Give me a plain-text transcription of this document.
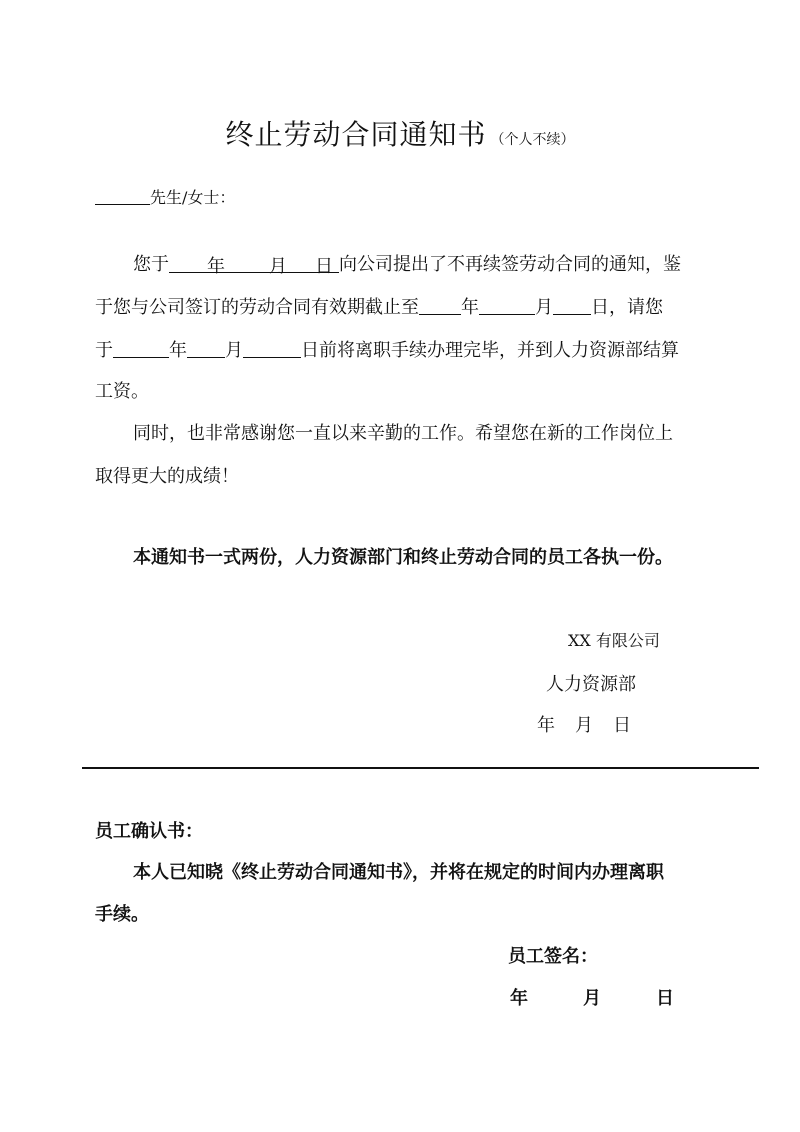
终止劳动合同通知书 （个人不续）
先生/女士：
您于 年 月 日 向公司提出了不再续签劳动合同的通知，鉴
于您与公司签订的劳动合同有效期截止至 年	月 日，请您
于	年 月	日前将离职手续办理完毕，并到人力资源部结算
工资。
同时，也非常感谢您一直以来辛勤的工作。希望您在新的工作岗位上
取得更大的成绩！
本通知书一式两份，人力资源部门和终止劳动合同的员工各执一份。
XX 有限公司
人力资源部
年 月 日
员工确认书：
本人已知晓《终止劳动合同通知书》，并将在规定的时间内办理离职
手续。
员工签名：
年	月	日
